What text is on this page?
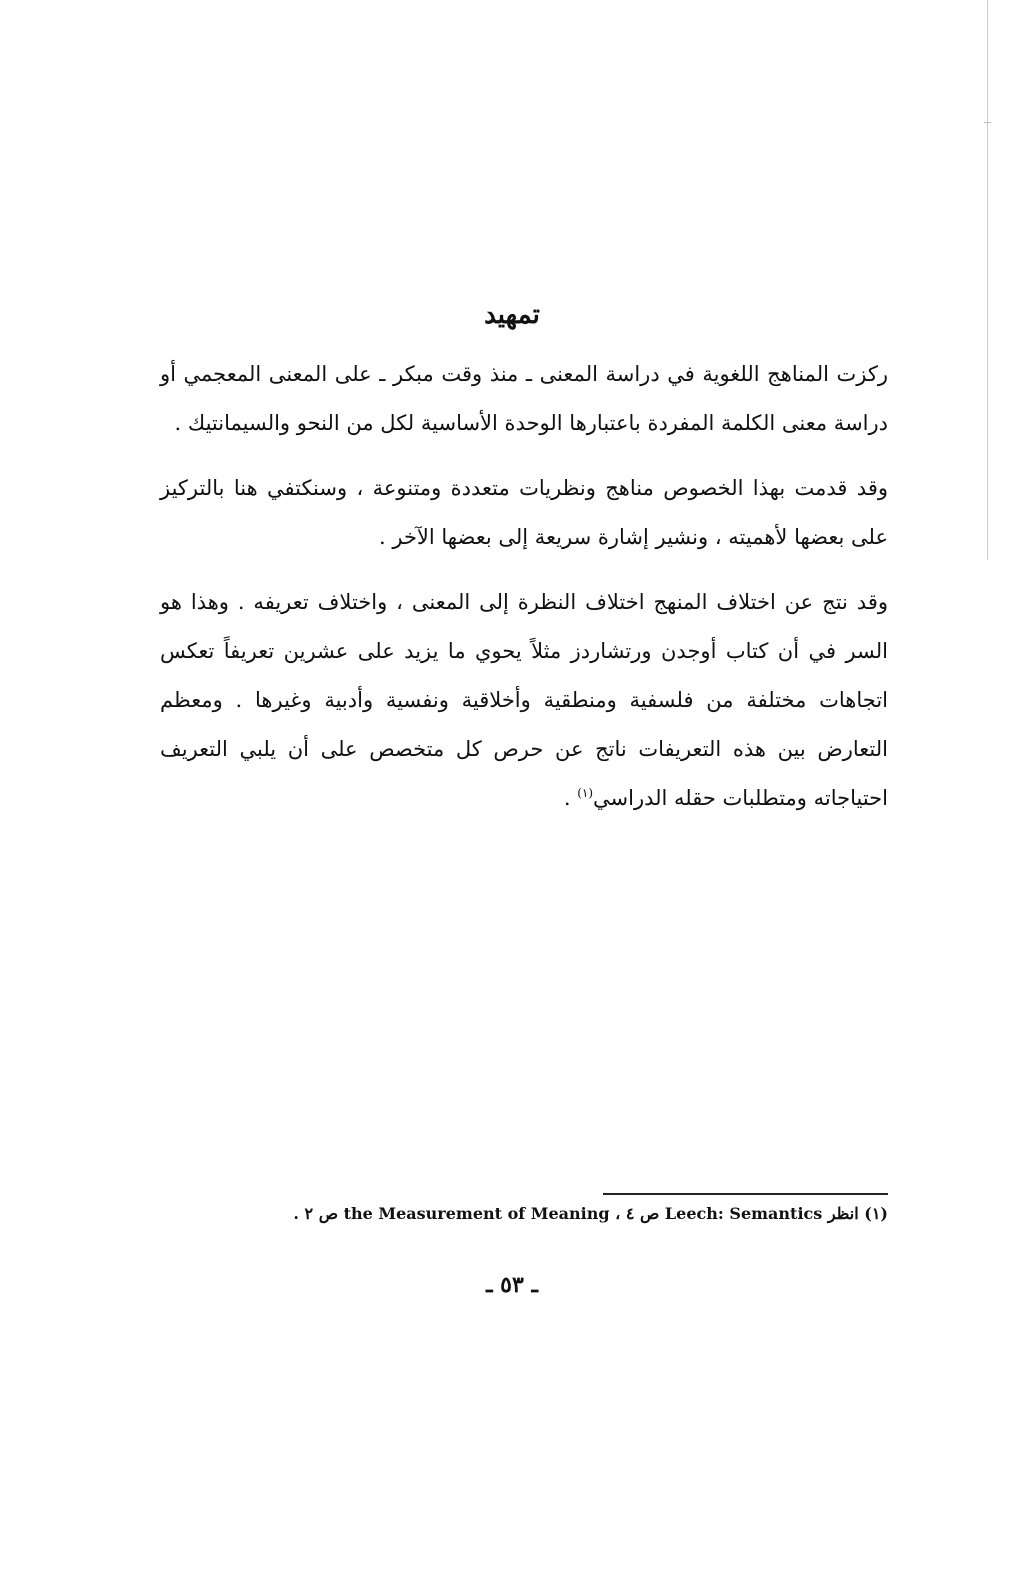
تمهيد

ركزت المناهج اللغوية في دراسة المعنى ـ منذ وقت مبكر ـ على المعنى المعجمي أو دراسة معنى الكلمة المفردة باعتبارها الوحدة الأساسية لكل من النحو والسيمانتيك .

وقد قدمت بهذا الخصوص مناهج ونظريات متعددة ومتنوعة ، وسنكتفي هنا بالتركيز على بعضها لأهميته ، ونشير إشارة سريعة إلى بعضها الآخر .

وقد نتج عن اختلاف المنهج اختلاف النظرة إلى المعنى ، واختلاف تعريفه . وهذا هو السر في أن كتاب أوجدن ورتشاردز مثلاً يحوي ما يزيد على عشرين تعريفاً تعكس اتجاهات مختلفة من فلسفية ومنطقية وأخلاقية ونفسية وأدبية وغيرها . ومعظم التعارض بين هذه التعريفات ناتج عن حرص كل متخصص على أن يلبي التعريف احتياجاته ومتطلبات حقله الدراسي$^{(١)}$ .

(١) انظر Leech: Semantics ص ٤ ، the Measurement of Meaning ص ٢ .

ـ ٥٣ ـ
